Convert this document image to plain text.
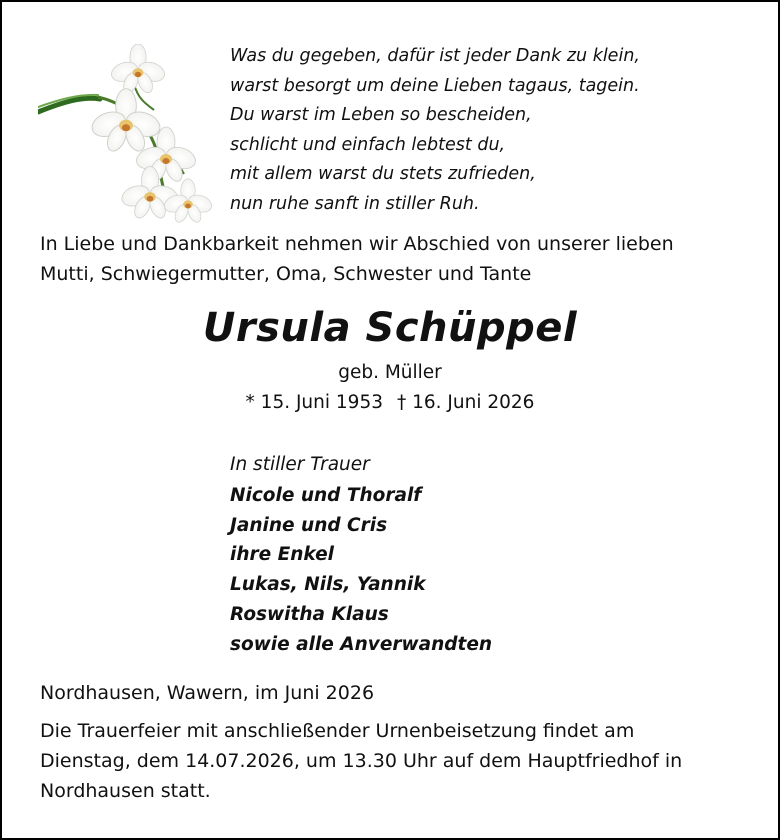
Was du gegeben, dafür ist jeder Dank zu klein,
warst besorgt um deine Lieben tagaus, tagein.
Du warst im Leben so bescheiden,
schlicht und einfach lebtest du,
mit allem warst du stets zufrieden,
nun ruhe sanft in stiller Ruh.
In Liebe und Dankbarkeit nehmen wir Abschied von unserer lieben
Mutti, Schwiegermutter, Oma, Schwester und Tante
Ursula Schüppel
geb. Müller
* 15. Juni 1953 † 16. Juni 2026
In stiller Trauer
Nicole und Thoralf
Janine und Cris
ihre Enkel
Lukas, Nils, Yannik
Roswitha Klaus
sowie alle Anverwandten
Nordhausen, Wawern, im Juni 2026
Die Trauerfeier mit anschließender Urnenbeisetzung findet am
Dienstag, dem 14.07.2026, um 13.30 Uhr auf dem Hauptfriedhof in
Nordhausen statt.
